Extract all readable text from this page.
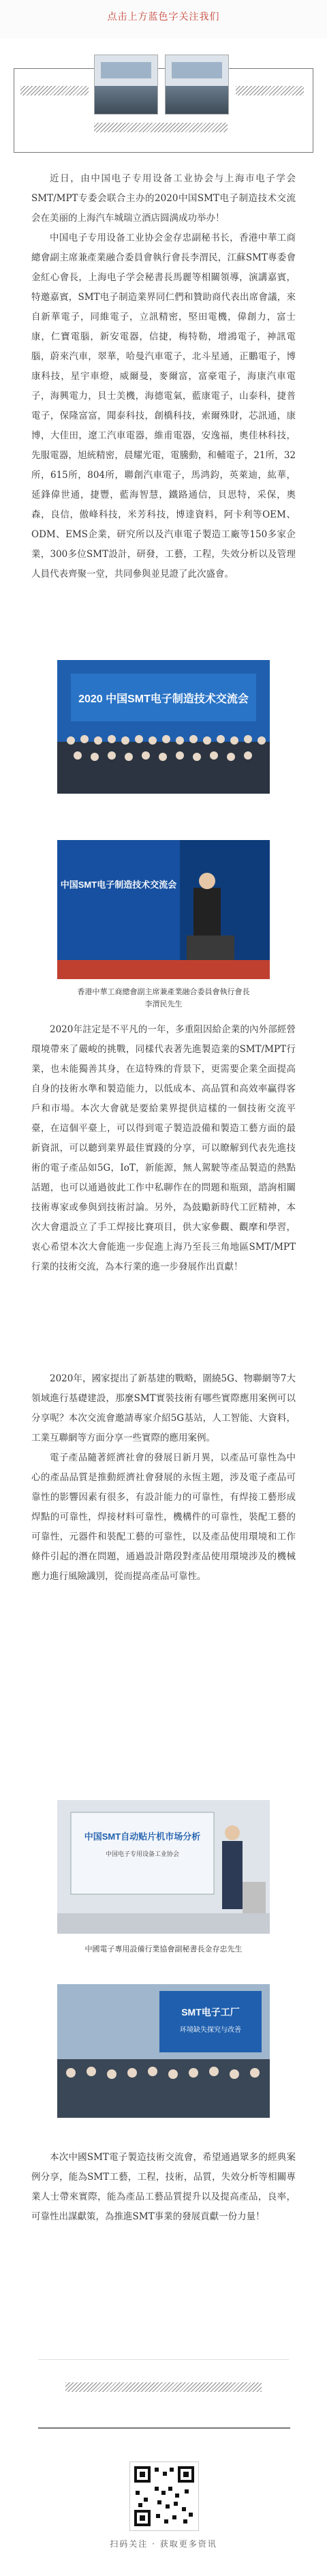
点击上方蓝色字关注我们

近日，由中国电子专用设备工业协会与上海市电子学会SMT/MPT专委会联合主办的2020中国SMT电子制造技术交流会在美丽的上海汽车城瑞立酒店圆满成功举办！

中国电子专用设备工业协会金存忠副秘书长，香港中華工商總會副主席兼產業融合委員會執行會長李渭民，江蘇SMT專委會金紅心會長，上海电子学会秘書長馬麗等相關領導，演講嘉賓，特邀嘉賓，SMT电子制造業界同仁們和贊助商代表出席會議，來自新華電子，同維電子，立訊精密，堅田電機，偉創力，富士康，仁寶電腦，新安電器，信捷，梅特勒，增鴻電子，神訊電腦，蔚來汽車，翠華，哈曼汽車電子，北斗星通，正鵬電子，博康科技，星宇車燈，威爾曼，麥爾富，富豪電子，海康汽車電子，海興電力，貝士美機，海德電氣，藍康電子，山泰科，捷普電子，保隆富富，聞泰科技，創橋科技，索爾殊財，芯訊通，康博，大佳田，遼工汽車電器，維甫電器，安逸福，奧佳林科技，先服電器，旭統精密，晨耀光電，電騰動，和輔電子，21所，32所，615所，804所，聯創汽車電子，馬鸿鈞，英萊迪，紘華，延鋒偉世通，捷豐，藍海智慧，鐵路通信，貝思特，采保，奧森，良信，傲峰科技，米芳科技，博達資料，阿卡利等OEM、ODM、EMS企業，研究所以及汽車電子製造工廠等150多家企業，300多位SMT設計，研發，工藝，工程，失效分析以及管理人員代表齊聚一堂，共同參與並見證了此次盛會。

2020 中国SMT电子制造技术交流会
中国SMT电子制造技术交流会
香港中華工商總會副主席兼產業融合委員會執行會長
李渭民先生

2020年註定是不平凡的一年，多重阻因給企業的內外部經營環境帶來了嚴峻的挑戰，同樣代表著先進製造業的SMT/MPT行業，也未能獨善其身，在這特殊的背景下，更需要企業全面提高自身的技術水準和製造能力，以低成本、高品質和高效率贏得客戶和市場。本次大會就是要給業界提供這樣的一個技術交流平臺，在這個平臺上，可以得到電子製造設備和製造工藝方面的最新資訊，可以聽到業界最佳實踐的分享，可以瞭解到代表先進技術的電子產品如5G，IoT，新能源，無人駕駛等產品製造的熱點話題，也可以通過彼此工作中私聊作在的問題和瓶頸，諮詢相關技術專家或參與到技術討論。另外，為鼓勵新時代工匠精神，本次大會還設立了手工焊接比賽項目，供大家參觀、觀摩和學習，衷心希望本次大會能進一步促進上海乃至長三角地區SMT/MPT行業的技術交流，為本行業的進一步發展作出貢獻！

2020年，國家提出了新基建的戰略，圍繞5G、物聯網等7大領域進行基礎建設，那麼SMT實裝技術有哪些實際應用案例可以分享呢？本次交流會邀請專家介紹5G基站，人工智能、大資料，工業互聯網等方面分享一些實際的應用案例。

電子產品隨著經濟社會的發展日新月異，以產品可靠性為中心的產品品質是推動經濟社會發展的永恆主題，涉及電子產品可靠性的影響因素有很多，有設計能力的可靠性，有焊接工藝形成焊點的可靠性，焊接材料可靠性，機構件的可靠性，裝配工藝的可靠性，元器件和裝配工藝的可靠性，以及產品使用環境和工作條件引起的潛在問題，通過設計階段對產品使用環境涉及的機械應力進行風險識別，從而提高產品可靠性。

中国SMT自动贴片机市场分析
中国电子专用设备工业协会
中國電子專用設備行業協會副秘書長金存忠先生
SMT电子工厂
环境缺失探究与改善

本次中國SMT電子製造技術交流會，希望通過眾多的經典案例分享，能為SMT工藝，工程，技術，品質，失效分析等相關專業人士帶來實際，能為產品工藝品質提升以及提高產品，良率，可靠性出謀獻策，為推進SMT事業的發展貢獻一份力量！

扫码关注 · 获取更多资讯
